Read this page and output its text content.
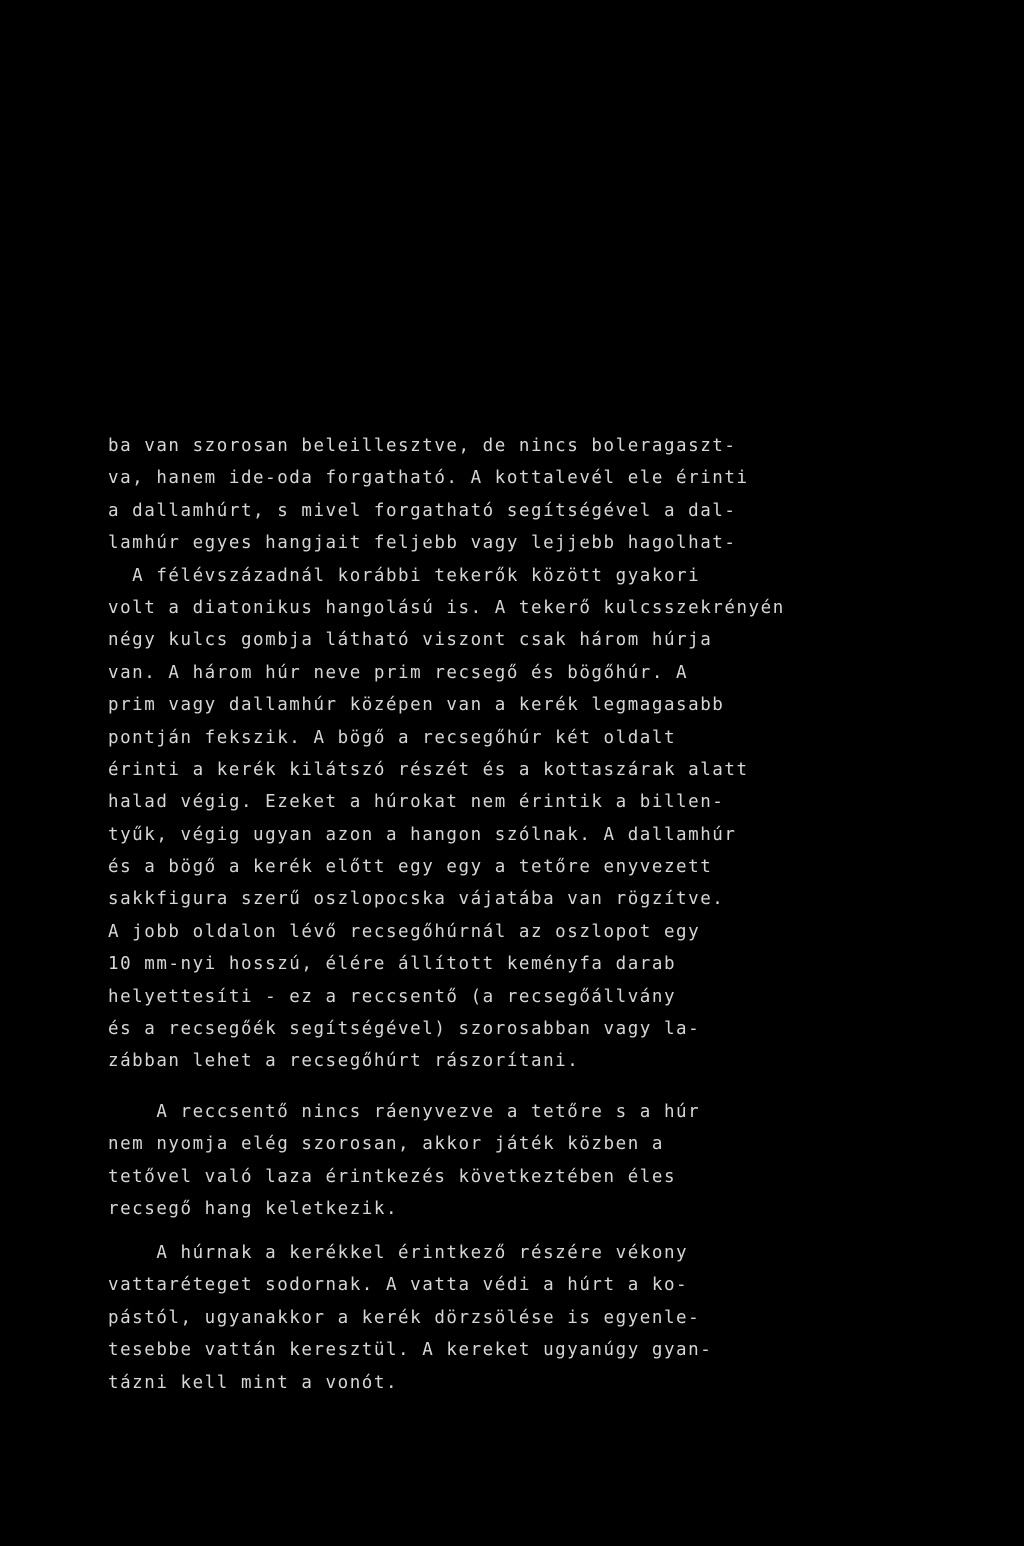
ba van szorosan beleillesztve, de nincs boleragaszt-
va, hanem ide-oda forgatható. A kottalevél ele érinti
a dallamhúrt, s mivel forgatható segítségével a dal-
lamhúr egyes hangjait feljebb vagy lejjebb hagolhat-
A félévszázadnál korábbi tekerők között gyakori
volt a diatonikus hangolású is. A tekerő kulcsszekrényén
négy kulcs gombja látható viszont csak három húrja
van. A három húr neve prim recsegő és bögőhúr. A
prim vagy dallamhúr középen van a kerék legmagasabb
pontján fekszik. A bögő a recsegőhúr két oldalt
érinti a kerék kilátszó részét és a kottaszárak alatt
halad végig. Ezeket a húrokat nem érintik a billen-
tyűk, végig ugyan azon a hangon szólnak. A dallamhúr
és a bögő a kerék előtt egy egy a tetőre enyvezett
sakkfigura szerű oszlopocska vájatába van rögzítve.
A jobb oldalon lévő recsegőhúrnál az oszlopot egy
10 mm-nyi hosszú, élére állított keményfa darab
helyettesíti - ez a reccsentő (a recsegőállvány
és a recsegőék segítségével) szorosabban vagy la-
zábban lehet a recsegőhúrt rászorítani.
A reccsentő nincs ráenyvezve a tetőre s a húr
nem nyomja elég szorosan, akkor játék közben a
tetővel való laza érintkezés következtében éles
recsegő hang keletkezik.
A húrnak a kerékkel érintkező részére vékony
vattaréteget sodornak. A vatta védi a húrt a ko-
pástól, ugyanakkor a kerék dörzsölése is egyenle-
tesebbe vattán keresztül. A kereket ugyanúgy gyan-
tázni kell mint a vonót.
